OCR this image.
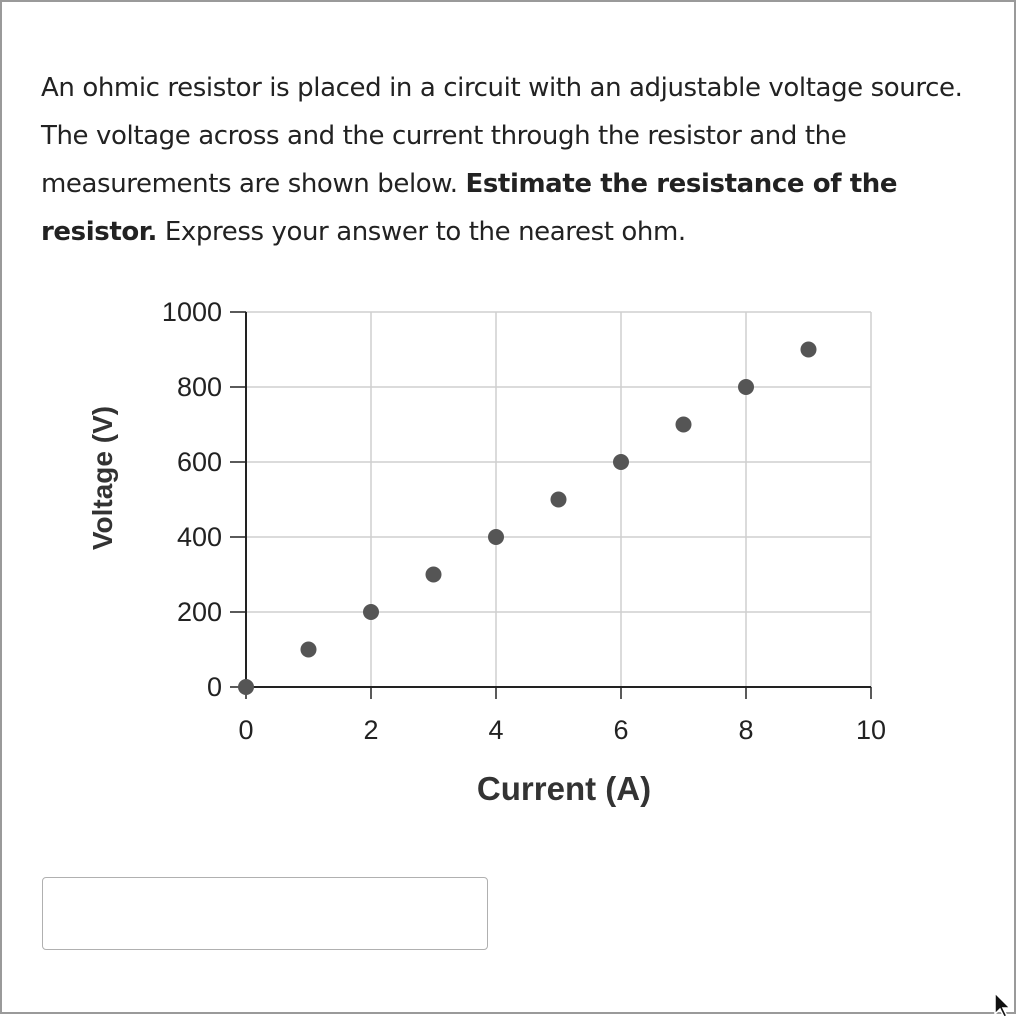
An ohmic resistor is placed in a circuit with an adjustable voltage source. The voltage across and the current through the resistor and the measurements are shown below. Estimate the resistance of the resistor. Express your answer to the nearest ohm.

0
200
400
600
800
1000
0	2	4	6	8	10
Current (A)
Voltage (V)
